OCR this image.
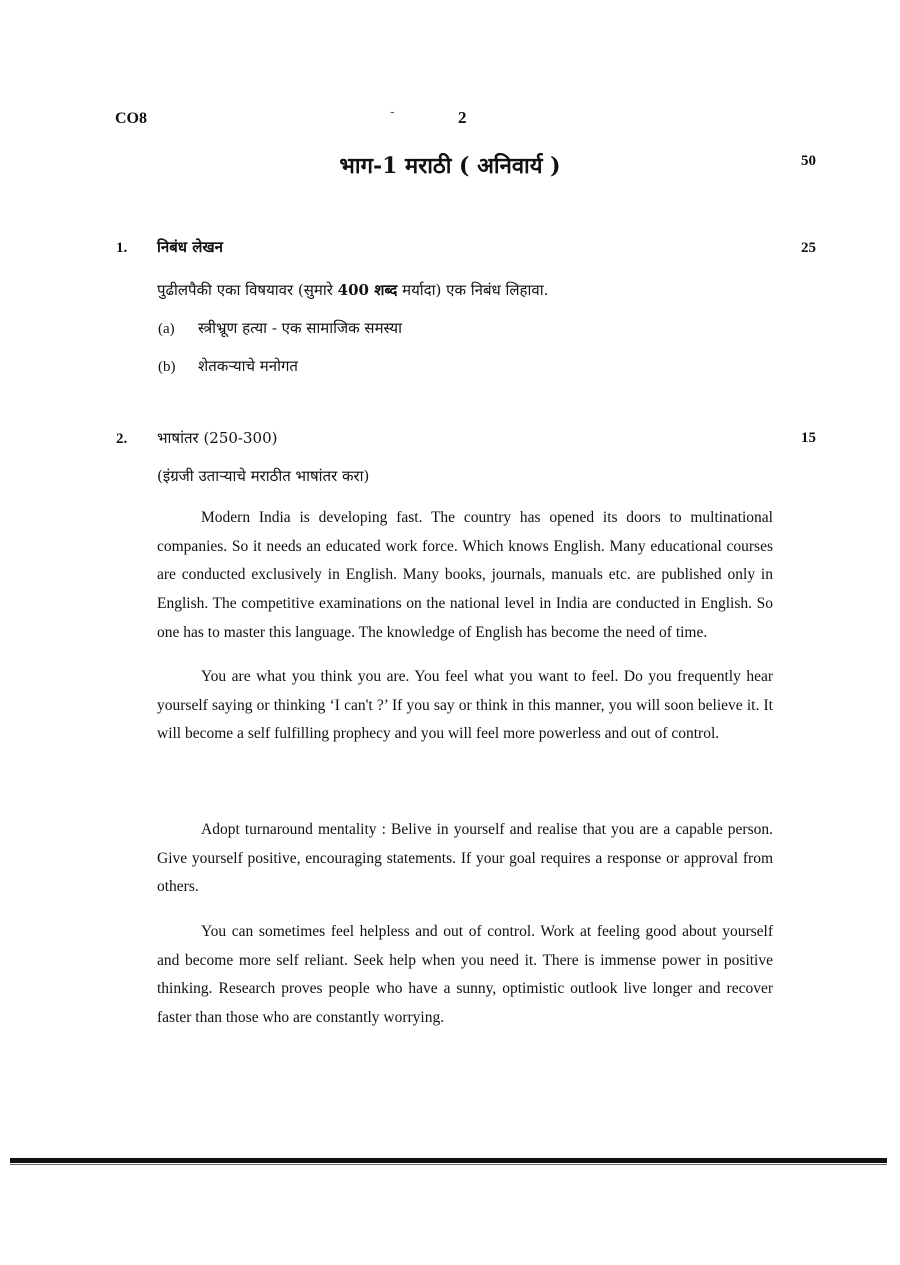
CO8	-	2
भाग-1 मराठी ( अनिवार्य )	50
1. निबंध लेखन	25
पुढीलपैकी एका विषयावर (सुमारे 400 शब्द मर्यादा) एक निबंध लिहावा.
(a) स्त्रीभ्रूण हत्या - एक सामाजिक समस्या
(b) शेतकऱ्याचे मनोगत
2. भाषांतर (250-300)	15
(इंग्रजी उताऱ्याचे मराठीत भाषांतर करा)

Modern India is developing fast. The country has opened its doors to multinational companies. So it needs an educated work force. Which knows English. Many educational courses are conducted exclusively in English. Many books, journals, manuals etc. are published only in English. The competitive examinations on the national level in India are conducted in English. So one has to master this language. The knowledge of English has become the need of time.

You are what you think you are. You feel what you want to feel. Do you frequently hear yourself saying or thinking ‘I can't ?’ If you say or think in this manner, you will soon believe it. It will become a self fulfilling prophecy and you will feel more powerless and out of control.

Adopt turnaround mentality : Belive in yourself and realise that you are a capable person. Give yourself positive, encouraging statements. If your goal requires a response or approval from others.

You can sometimes feel helpless and out of control. Work at feeling good about yourself and become more self reliant. Seek help when you need it. There is immense power in positive thinking. Research proves people who have a sunny, optimistic outlook live longer and recover faster than those who are constantly worrying.
